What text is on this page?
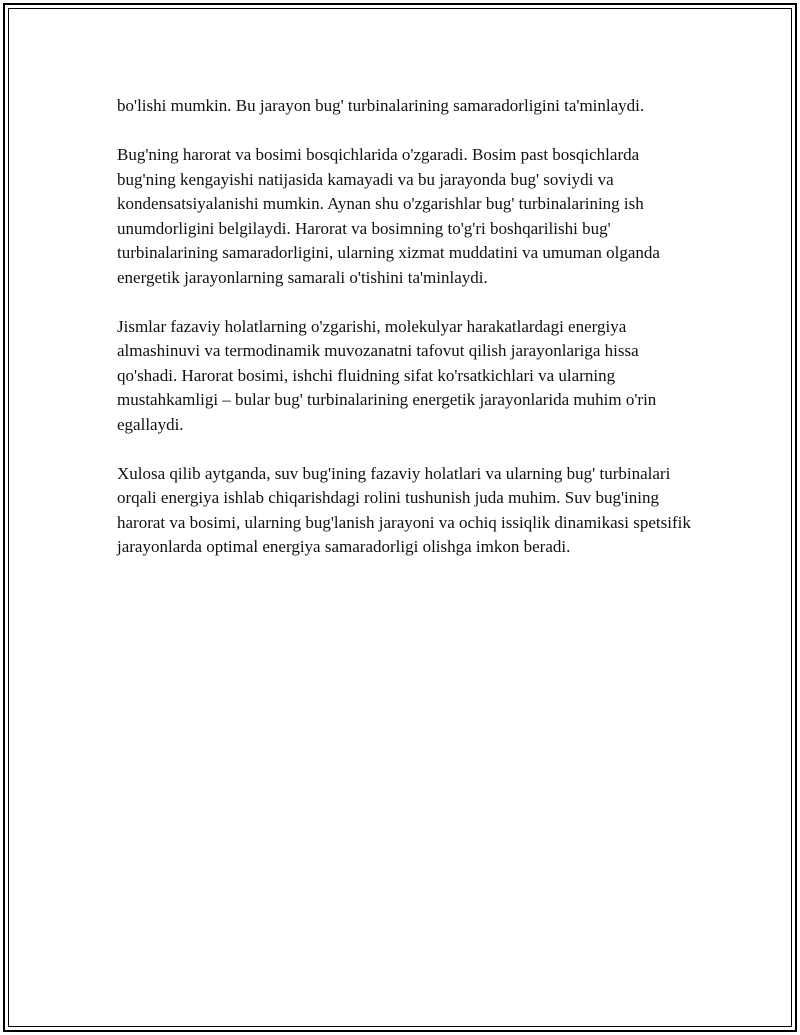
bo'lishi mumkin. Bu jarayon bug' turbinalarining samaradorligini ta'minlaydi.

Bug'ning harorat va bosimi bosqichlarida o'zgaradi. Bosim past bosqichlarda bug'ning kengayishi natijasida kamayadi va bu jarayonda bug' soviydi va kondensatsiyalanishi mumkin. Aynan shu o'zgarishlar bug' turbinalarining ish unumdorligini belgilaydi. Harorat va bosimning to'g'ri boshqarilishi bug' turbinalarining samaradorligini, ularning xizmat muddatini va umuman olganda energetik jarayonlarning samarali o'tishini ta'minlaydi.

Jismlar fazaviy holatlarning o'zgarishi, molekulyar harakatlardagi energiya almashinuvi va termodinamik muvozanatni tafovut qilish jarayonlariga hissa qo'shadi. Harorat bosimi, ishchi fluidning sifat ko'rsatkichlari va ularning mustahkamligi – bular bug' turbinalarining energetik jarayonlarida muhim o'rin egallaydi.

Xulosa qilib aytganda, suv bug'ining fazaviy holatlari va ularning bug' turbinalari orqali energiya ishlab chiqarishdagi rolini tushunish juda muhim. Suv bug'ining harorat va bosimi, ularning bug'lanish jarayoni va ochiq issiqlik dinamikasi spetsifik jarayonlarda optimal energiya samaradorligi olishga imkon beradi.
